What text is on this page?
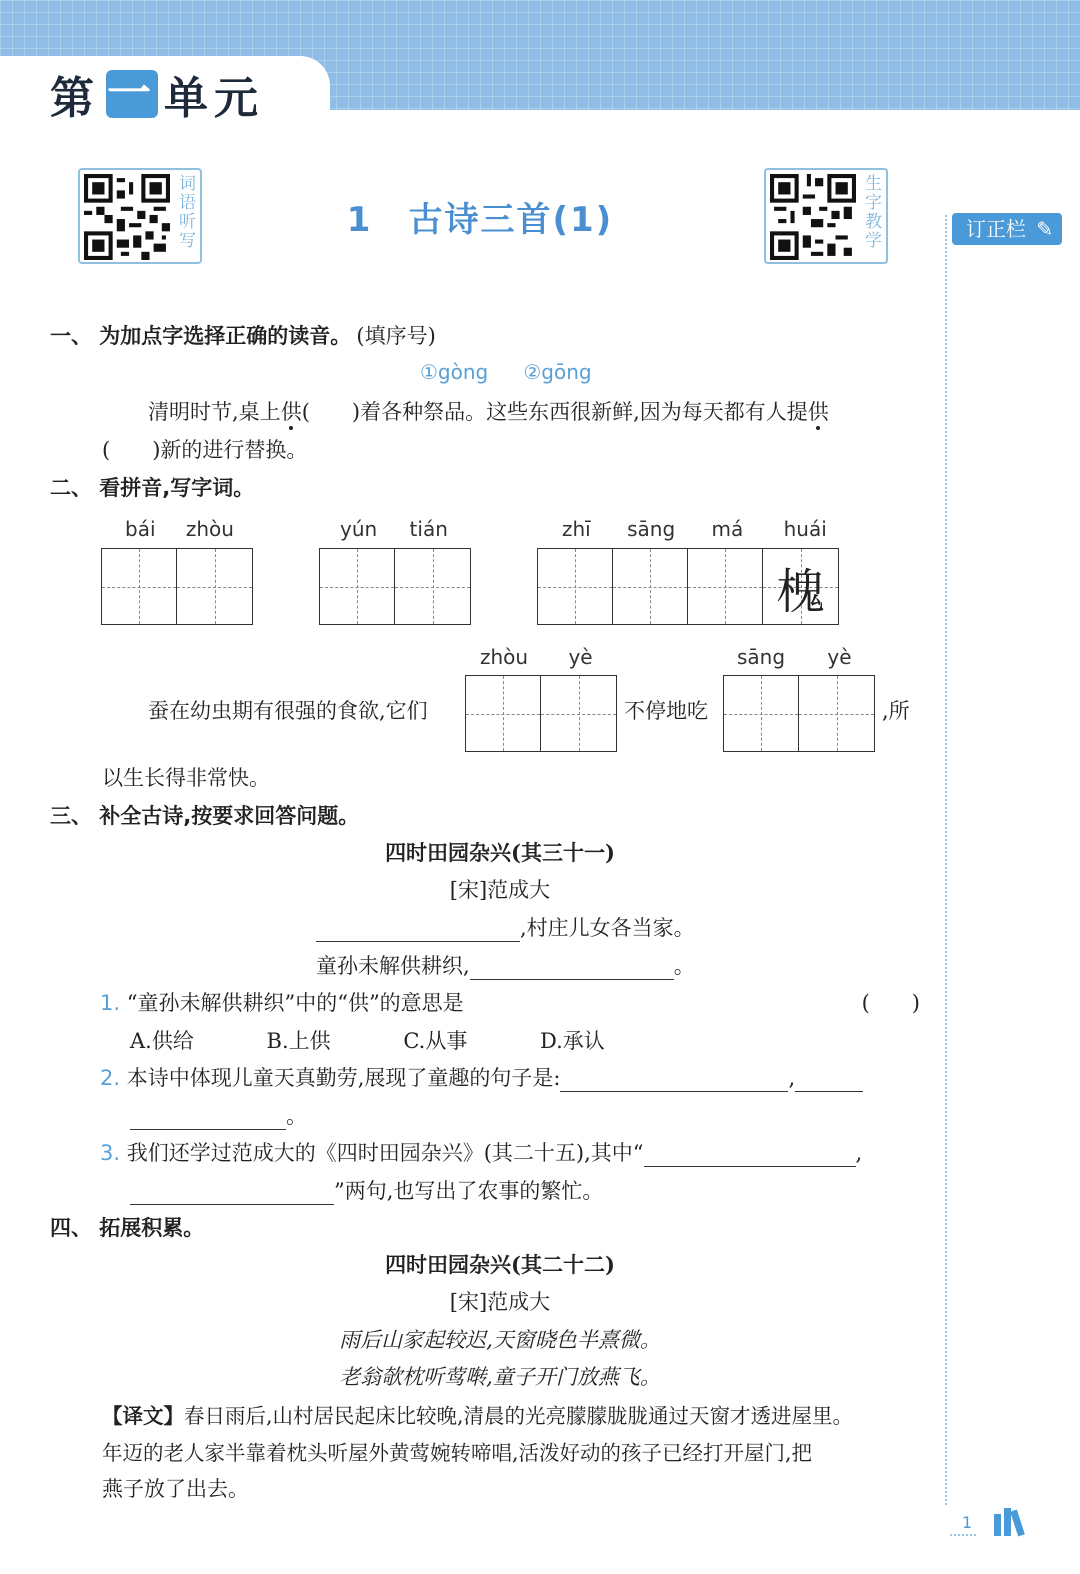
第 一 单元
词语听写	生字教学
1　古诗三首(1)	订正栏 ✎
一、 为加点字选择正确的读音。 (填序号)
①gòng ②gōng
清明时节,桌上供(　　)着各种祭品。这些东西很新鲜,因为每天都有人提供
(　　)新的进行替换。
二、 看拼音,写字词。
bái zhòu	yún tián	zhī sāng má huái
槐
zhòu yè	sāng yè
蚕在幼虫期有很强的食欲,它们	不停地吃	,所
以生长得非常快。
三、 补全古诗,按要求回答问题。
四时田园杂兴(其三十一)
[宋]范成大
,村庄儿女各当家。
童孙未解供耕织,	。
1. “童孙未解供耕织”中的“供”的意思是	(　　)
A.供给	B.上供	C.从事	D.承认
2. 本诗中体现儿童天真勤劳,展现了童趣的句子是:	,
。
3. 我们还学过范成大的《四时田园杂兴》(其二十五),其中“	,
”两句,也写出了农事的繁忙。
四、 拓展积累。
四时田园杂兴(其二十二)
[宋]范成大
雨后山家起较迟,天窗晓色半熹微。
老翁欹枕听莺啭,童子开门放燕飞。
【译文】春日雨后,山村居民起床比较晚,清晨的光亮朦朦胧胧通过天窗才透进屋里。
年迈的老人家半靠着枕头听屋外黄莺婉转啼唱,活泼好动的孩子已经打开屋门,把
燕子放了出去。
1
